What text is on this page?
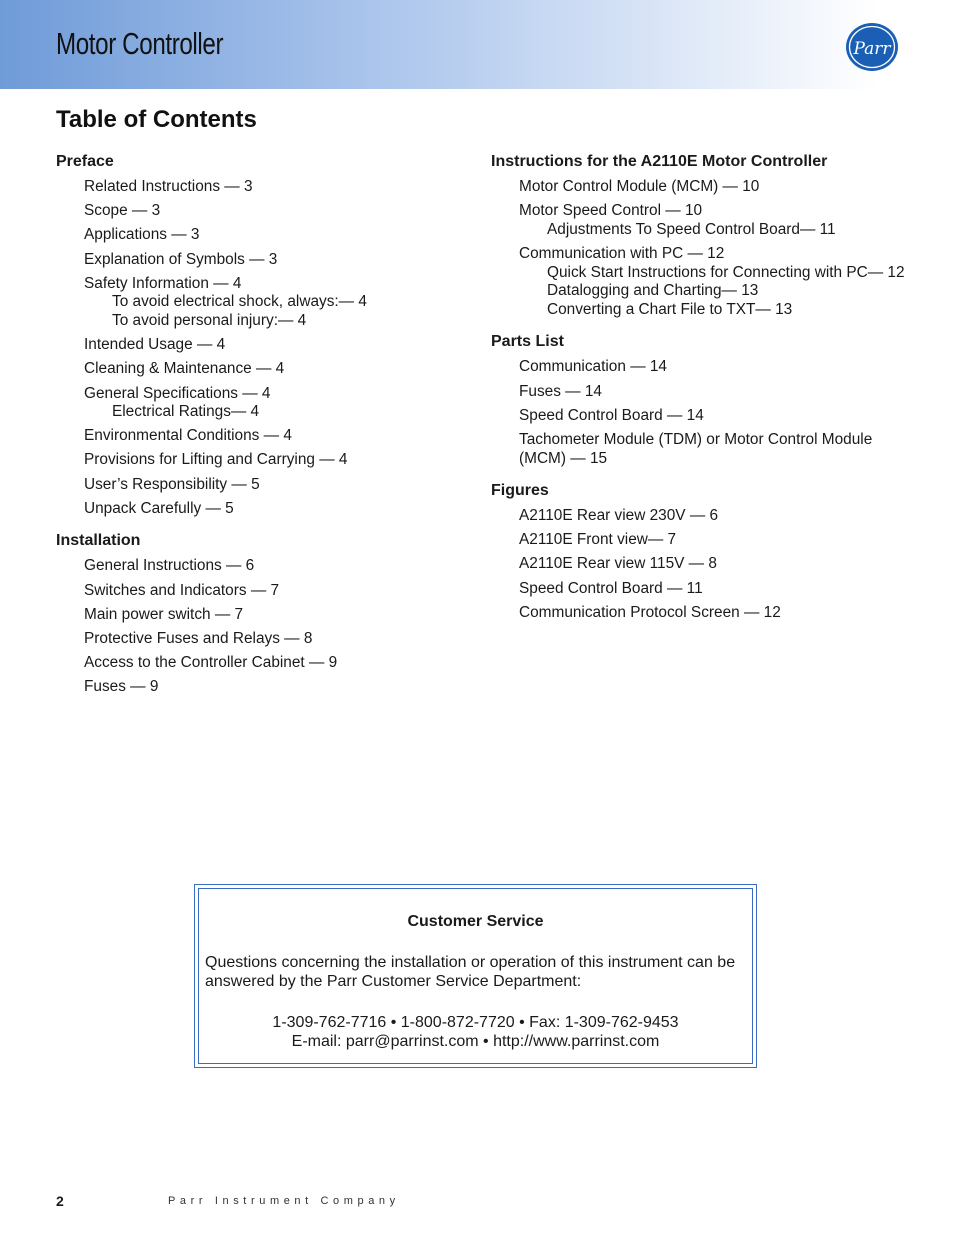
Motor Controller	Parr
Table of Contents
Preface
Related Instructions — 3
Scope — 3
Applications — 3
Explanation of Symbols — 3
Safety Information — 4
To avoid electrical shock, always:— 4
To avoid personal injury:— 4
Intended Usage — 4
Cleaning & Maintenance — 4
General Specifications — 4
Electrical Ratings— 4
Environmental Conditions — 4
Provisions for Lifting and Carrying — 4
User’s Responsibility — 5
Unpack Carefully — 5
Installation
General Instructions — 6
Switches and Indicators — 7
Main power switch — 7
Protective Fuses and Relays — 8
Access to the Controller Cabinet — 9
Fuses — 9
Instructions for the A2110E Motor Controller
Motor Control Module (MCM) — 10
Motor Speed Control — 10
Adjustments To Speed Control Board— 11
Communication with PC — 12
Quick Start Instructions for Connecting with PC— 12
Datalogging and Charting— 13
Converting a Chart File to TXT— 13
Parts List
Communication — 14
Fuses — 14
Speed Control Board — 14
Tachometer Module (TDM) or Motor Control Module (MCM) — 15
Figures
A2110E Rear view 230V — 6
A2110E Front view— 7
A2110E Rear view 115V — 8
Speed Control Board — 11
Communication Protocol Screen — 12
Customer Service
Questions concerning the installation or operation of this instrument can be answered by the Parr Customer Service Department:
1-309-762-7716 • 1-800-872-7720 • Fax: 1-309-762-9453
E-mail: parr@parrinst.com • http://www.parrinst.com
2	Parr Instrument Company
